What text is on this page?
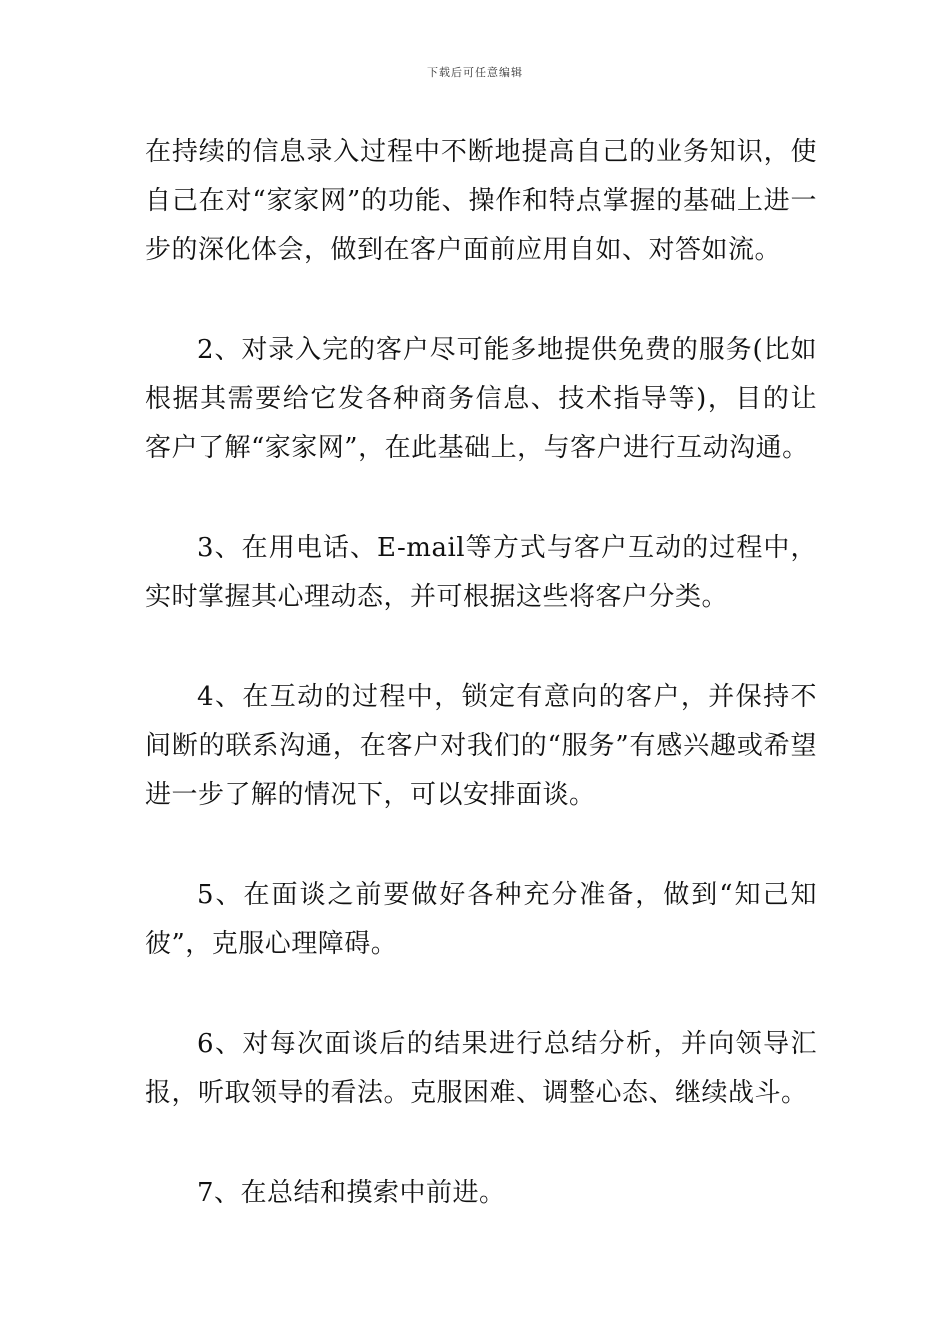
下载后可任意编辑

在持续的信息录入过程中不断地提高自己的业务知识，使自己在对“家家网”的功能、操作和特点掌握的基础上进一步的深化体会，做到在客户面前应用自如、对答如流。

2、对录入完的客户尽可能多地提供免费的服务(比如根据其需要给它发各种商务信息、技术指导等)，目的让客户了解“家家网”，在此基础上，与客户进行互动沟通。

3、在用电话、E-mail等方式与客户互动的过程中，实时掌握其心理动态，并可根据这些将客户分类。

4、在互动的过程中，锁定有意向的客户，并保持不间断的联系沟通，在客户对我们的“服务”有感兴趣或希望进一步了解的情况下，可以安排面谈。

5、在面谈之前要做好各种充分准备，做到“知己知彼”，克服心理障碍。

6、对每次面谈后的结果进行总结分析，并向领导汇报，听取领导的看法。克服困难、调整心态、继续战斗。

7、在总结和摸索中前进。
